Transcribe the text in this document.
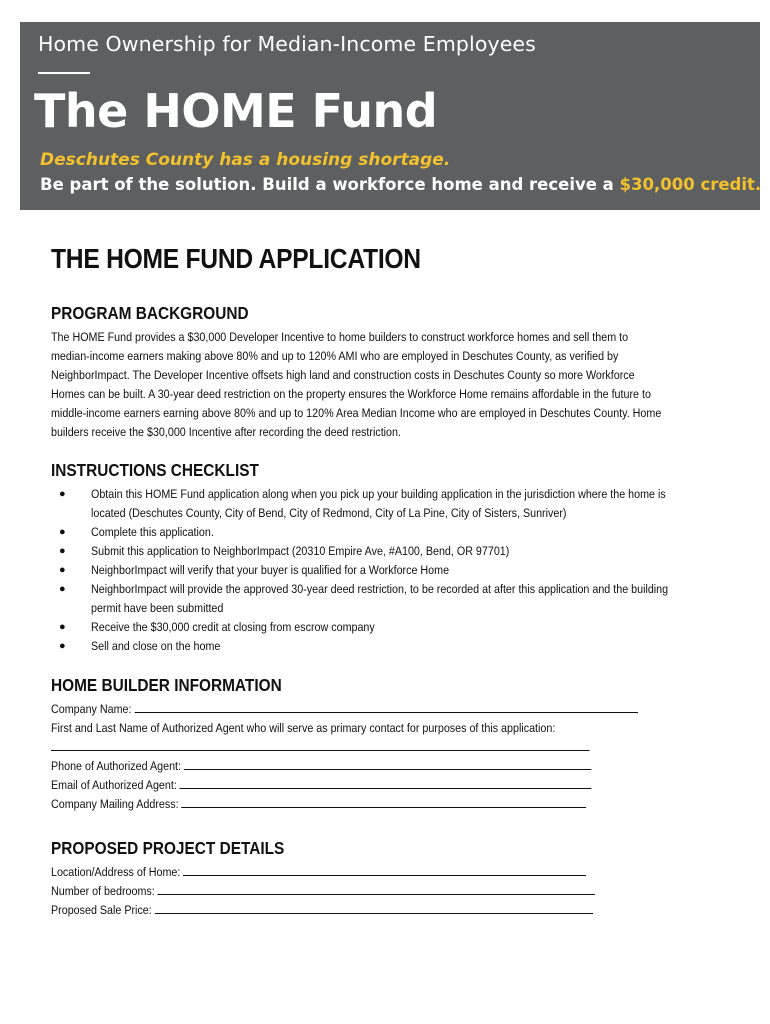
Home Ownership for Median-Income Employees
The HOME Fund
Deschutes County has a housing shortage.
Be part of the solution. Build a workforce home and receive a $30,000 credit.
THE HOME FUND APPLICATION
PROGRAM BACKGROUND

The HOME Fund provides a $30,000 Developer Incentive to home builders to construct workforce homes and sell them to median-income earners making above 80% and up to 120% AMI who are employed in Deschutes County, as verified by NeighborImpact. The Developer Incentive offsets high land and construction costs in Deschutes County so more Workforce Homes can be built. A 30-year deed restriction on the property ensures the Workforce Home remains affordable in the future to middle-income earners earning above 80% and up to 120% Area Median Income who are employed in Deschutes County. Home builders receive the $30,000 Incentive after recording the deed restriction.

INSTRUCTIONS CHECKLIST
● Obtain this HOME Fund application along when you pick up your building application in the jurisdiction where the home is located (Deschutes County, City of Bend, City of Redmond, City of La Pine, City of Sisters, Sunriver)
● Complete this application.
● Submit this application to NeighborImpact (20310 Empire Ave, #A100, Bend, OR 97701)
● NeighborImpact will verify that your buyer is qualified for a Workforce Home
● NeighborImpact will provide the approved 30-year deed restriction, to be recorded at after this application and the building permit have been submitted
● Receive the $30,000 credit at closing from escrow company
● Sell and close on the home
HOME BUILDER INFORMATION
Company Name:
First and Last Name of Authorized Agent who will serve as primary contact for purposes of this application:
Phone of Authorized Agent:
Email of Authorized Agent:
Company Mailing Address:
PROPOSED PROJECT DETAILS
Location/Address of Home:
Number of bedrooms:
Proposed Sale Price:
